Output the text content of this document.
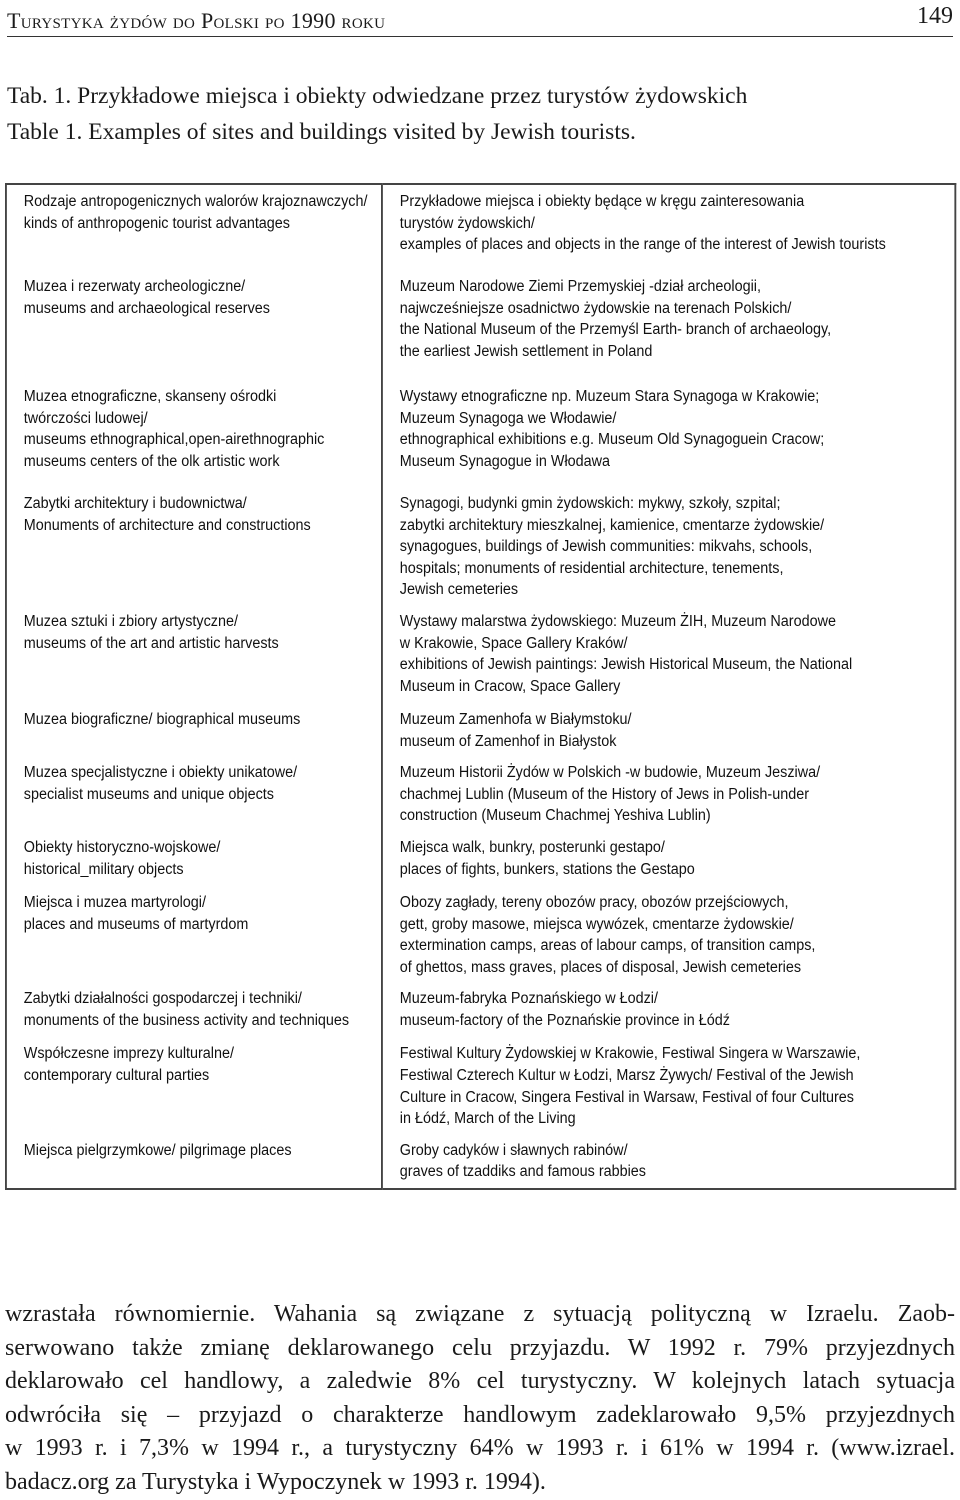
Turystyka żydów do Polski po 1990 roku	149
Tab. 1. Przykładowe miejsca i obiekty odwiedzane przez turystów żydowskich
Table 1. Examples of sites and buildings visited by Jewish tourists.
Rodzaje antropogenicznych walorów krajoznawczych/
kinds of anthropogenic tourist advantages	Przykładowe miejsca i obiekty będące w kręgu zainteresowania
turystów żydowskich/
examples of places and objects in the range of the interest of Jewish tourists

Muzea i rezerwaty archeologiczne/
museums and archaeological reserves	Muzeum Narodowe Ziemi Przemyskiej -dział archeologii,
najwcześniejsze osadnictwo żydowskie na terenach Polskich/
the National Museum of the Przemyśl Earth- branch of archaeology,
the earliest Jewish settlement in Poland

Muzea etnograficzne, skanseny ośrodki
twórczości ludowej/
museums ethnographical,open-airethnographic
museums centers of the olk artistic work	Wystawy etnograficzne np. Muzeum Stara Synagoga w Krakowie;
Muzeum Synagoga we Włodawie/
ethnographical exhibitions e.g. Museum Old Synagoguein Cracow;
Museum Synagogue in Włodawa

Zabytki architektury i budownictwa/
Monuments of architecture and constructions	Synagogi, budynki gmin żydowskich: mykwy, szkoły, szpital;
zabytki architektury mieszkalnej, kamienice, cmentarze żydowskie/
synagogues, buildings of Jewish communities: mikvahs, schools,
hospitals; monuments of residential architecture, tenements,
Jewish cemeteries

Muzea sztuki i zbiory artystyczne/
museums of the art and artistic harvests	Wystawy malarstwa żydowskiego: Muzeum ŻIH, Muzeum Narodowe
w Krakowie, Space Gallery Kraków/
exhibitions of Jewish paintings: Jewish Historical Museum, the National
Museum in Cracow, Space Gallery

Muzea biograficzne/ biographical museums	Muzeum Zamenhofa w Białymstoku/
museum of Zamenhof in Białystok

Muzea specjalistyczne i obiekty unikatowe/
specialist museums and unique objects	Muzeum Historii Żydów w Polskich -w budowie, Muzeum Jesziwa/
chachmej Lublin (Museum of the History of Jews in Polish-under
construction (Museum Chachmej Yeshiva Lublin)

Obiekty historyczno-wojskowe/
historical_military objects	Miejsca walk, bunkry, posterunki gestapo/
places of fights, bunkers, stations the Gestapo

Miejsca i muzea martyrologi/
places and museums of martyrdom	Obozy zagłady, tereny obozów pracy, obozów przejściowych,
gett, groby masowe, miejsca wywózek, cmentarze żydowskie/
extermination camps, areas of labour camps, of transition camps,
of ghettos, mass graves, places of disposal, Jewish cemeteries

Zabytki działalności gospodarczej i techniki/
monuments of the business activity and techniques	Muzeum-fabryka Poznańskiego w Łodzi/
museum-factory of the Poznańskie province in Łódź

Współczesne imprezy kulturalne/
contemporary cultural parties	Festiwal Kultury Żydowskiej w Krakowie, Festiwal Singera w Warszawie,
Festiwal Czterech Kultur w Łodzi, Marsz Żywych/ Festival of the Jewish
Culture in Cracow, Singera Festival in Warsaw, Festival of four Cultures
in Łódź, March of the Living

Miejsca pielgrzymkowe/ pilgrimage places	Groby cadyków i sławnych rabinów/
graves of tzaddiks and famous rabbies
wzrastała równomiernie. Wahania są związane z sytuacją polityczną w Izraelu. Zaob-
serwowano także zmianę deklarowanego celu przyjazdu. W 1992 r. 79% przyjezdnych
deklarowało cel handlowy, a zaledwie 8% cel turystyczny. W kolejnych latach sytuacja
odwróciła się – przyjazd o charakterze handlowym zadeklarowało 9,5% przyjezdnych
w 1993 r. i 7,3% w 1994 r., a turystyczny 64% w 1993 r. i 61% w 1994 r. (www.izrael.
badacz.org za Turystyka i Wypoczynek w 1993 r. 1994).
